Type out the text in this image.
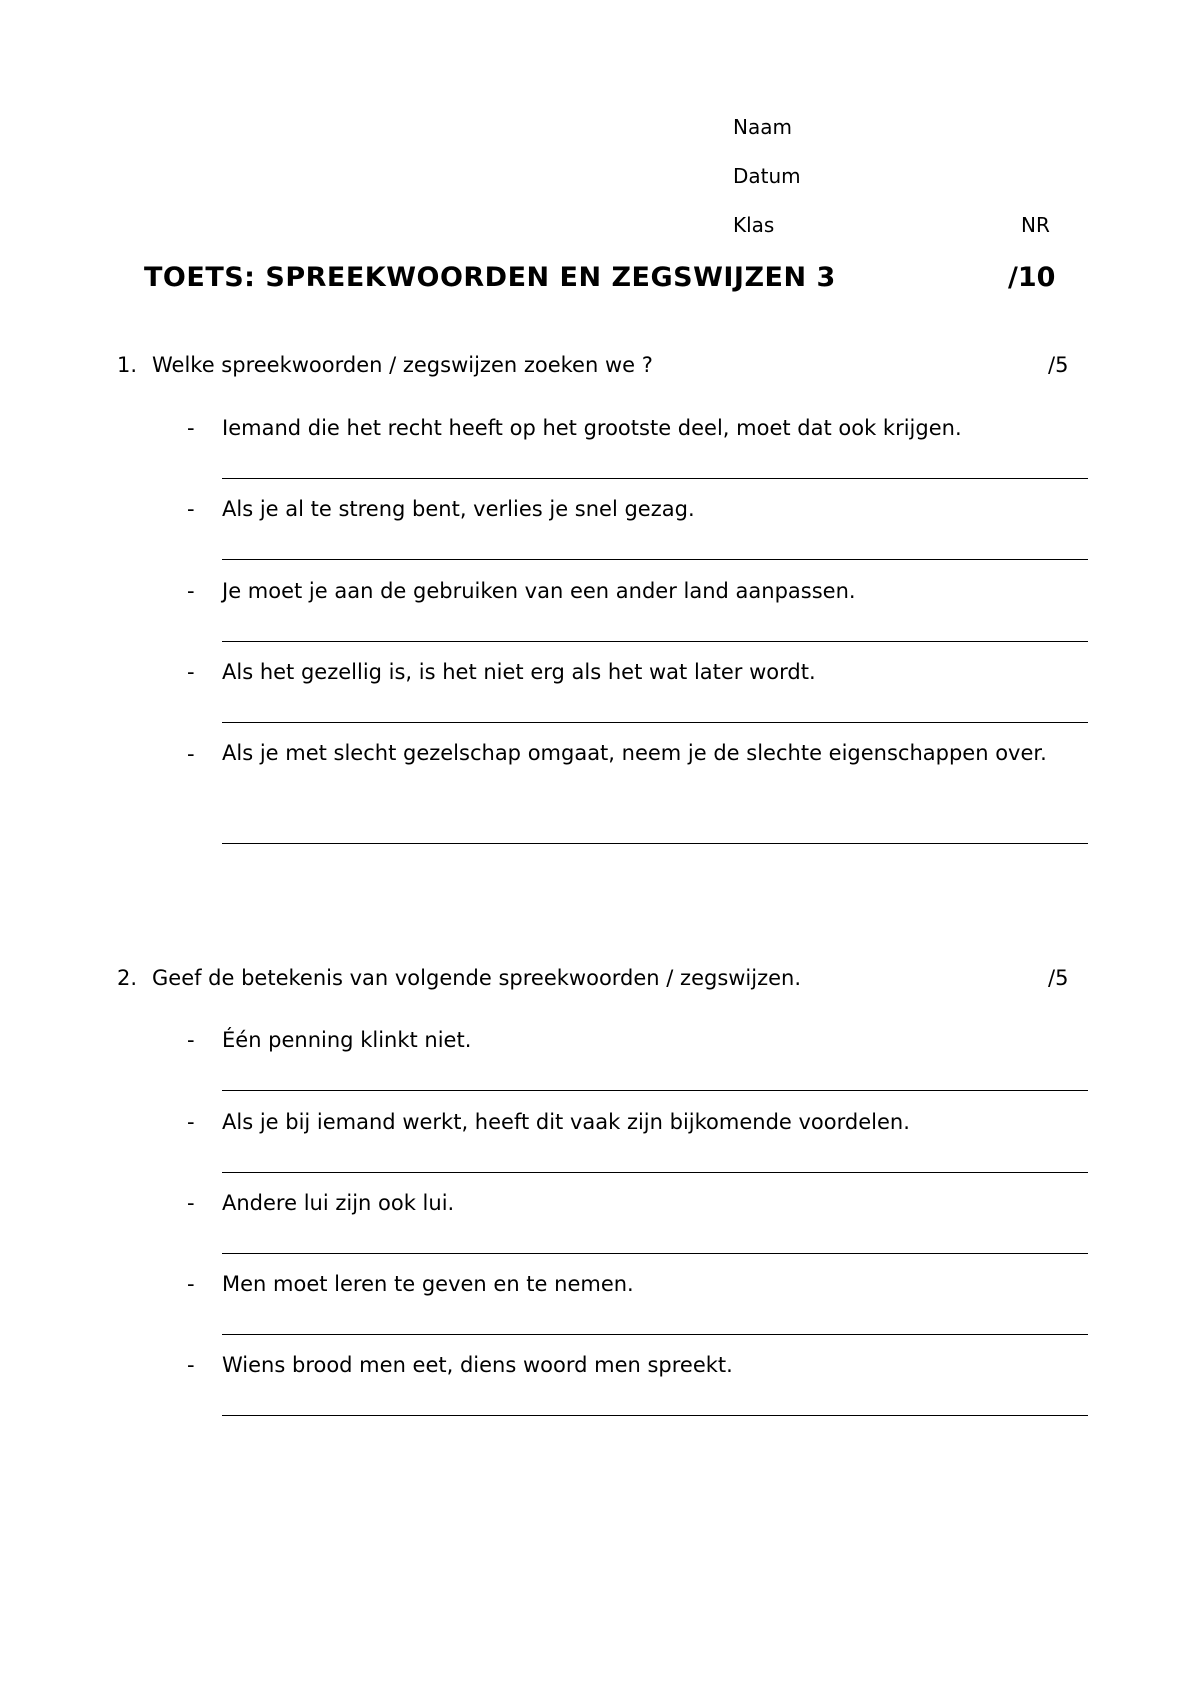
Naam
Datum
Klas	NR
TOETS: SPREEKWOORDEN EN ZEGSWIJZEN 3	/10
1. Welke spreekwoorden / zegswijzen zoeken we ?	/5
- Iemand die het recht heeft op het grootste deel, moet dat ook krijgen.
- Als je al te streng bent, verlies je snel gezag.
- Je moet je aan de gebruiken van een ander land aanpassen.
- Als het gezellig is, is het niet erg als het wat later wordt.
- Als je met slecht gezelschap omgaat, neem je de slechte eigenschappen over.
2. Geef de betekenis van volgende spreekwoorden / zegswijzen.	/5
- Één penning klinkt niet.
- Als je bij iemand werkt, heeft dit vaak zijn bijkomende voordelen.
- Andere lui zijn ook lui.
- Men moet leren te geven en te nemen.
- Wiens brood men eet, diens woord men spreekt.
